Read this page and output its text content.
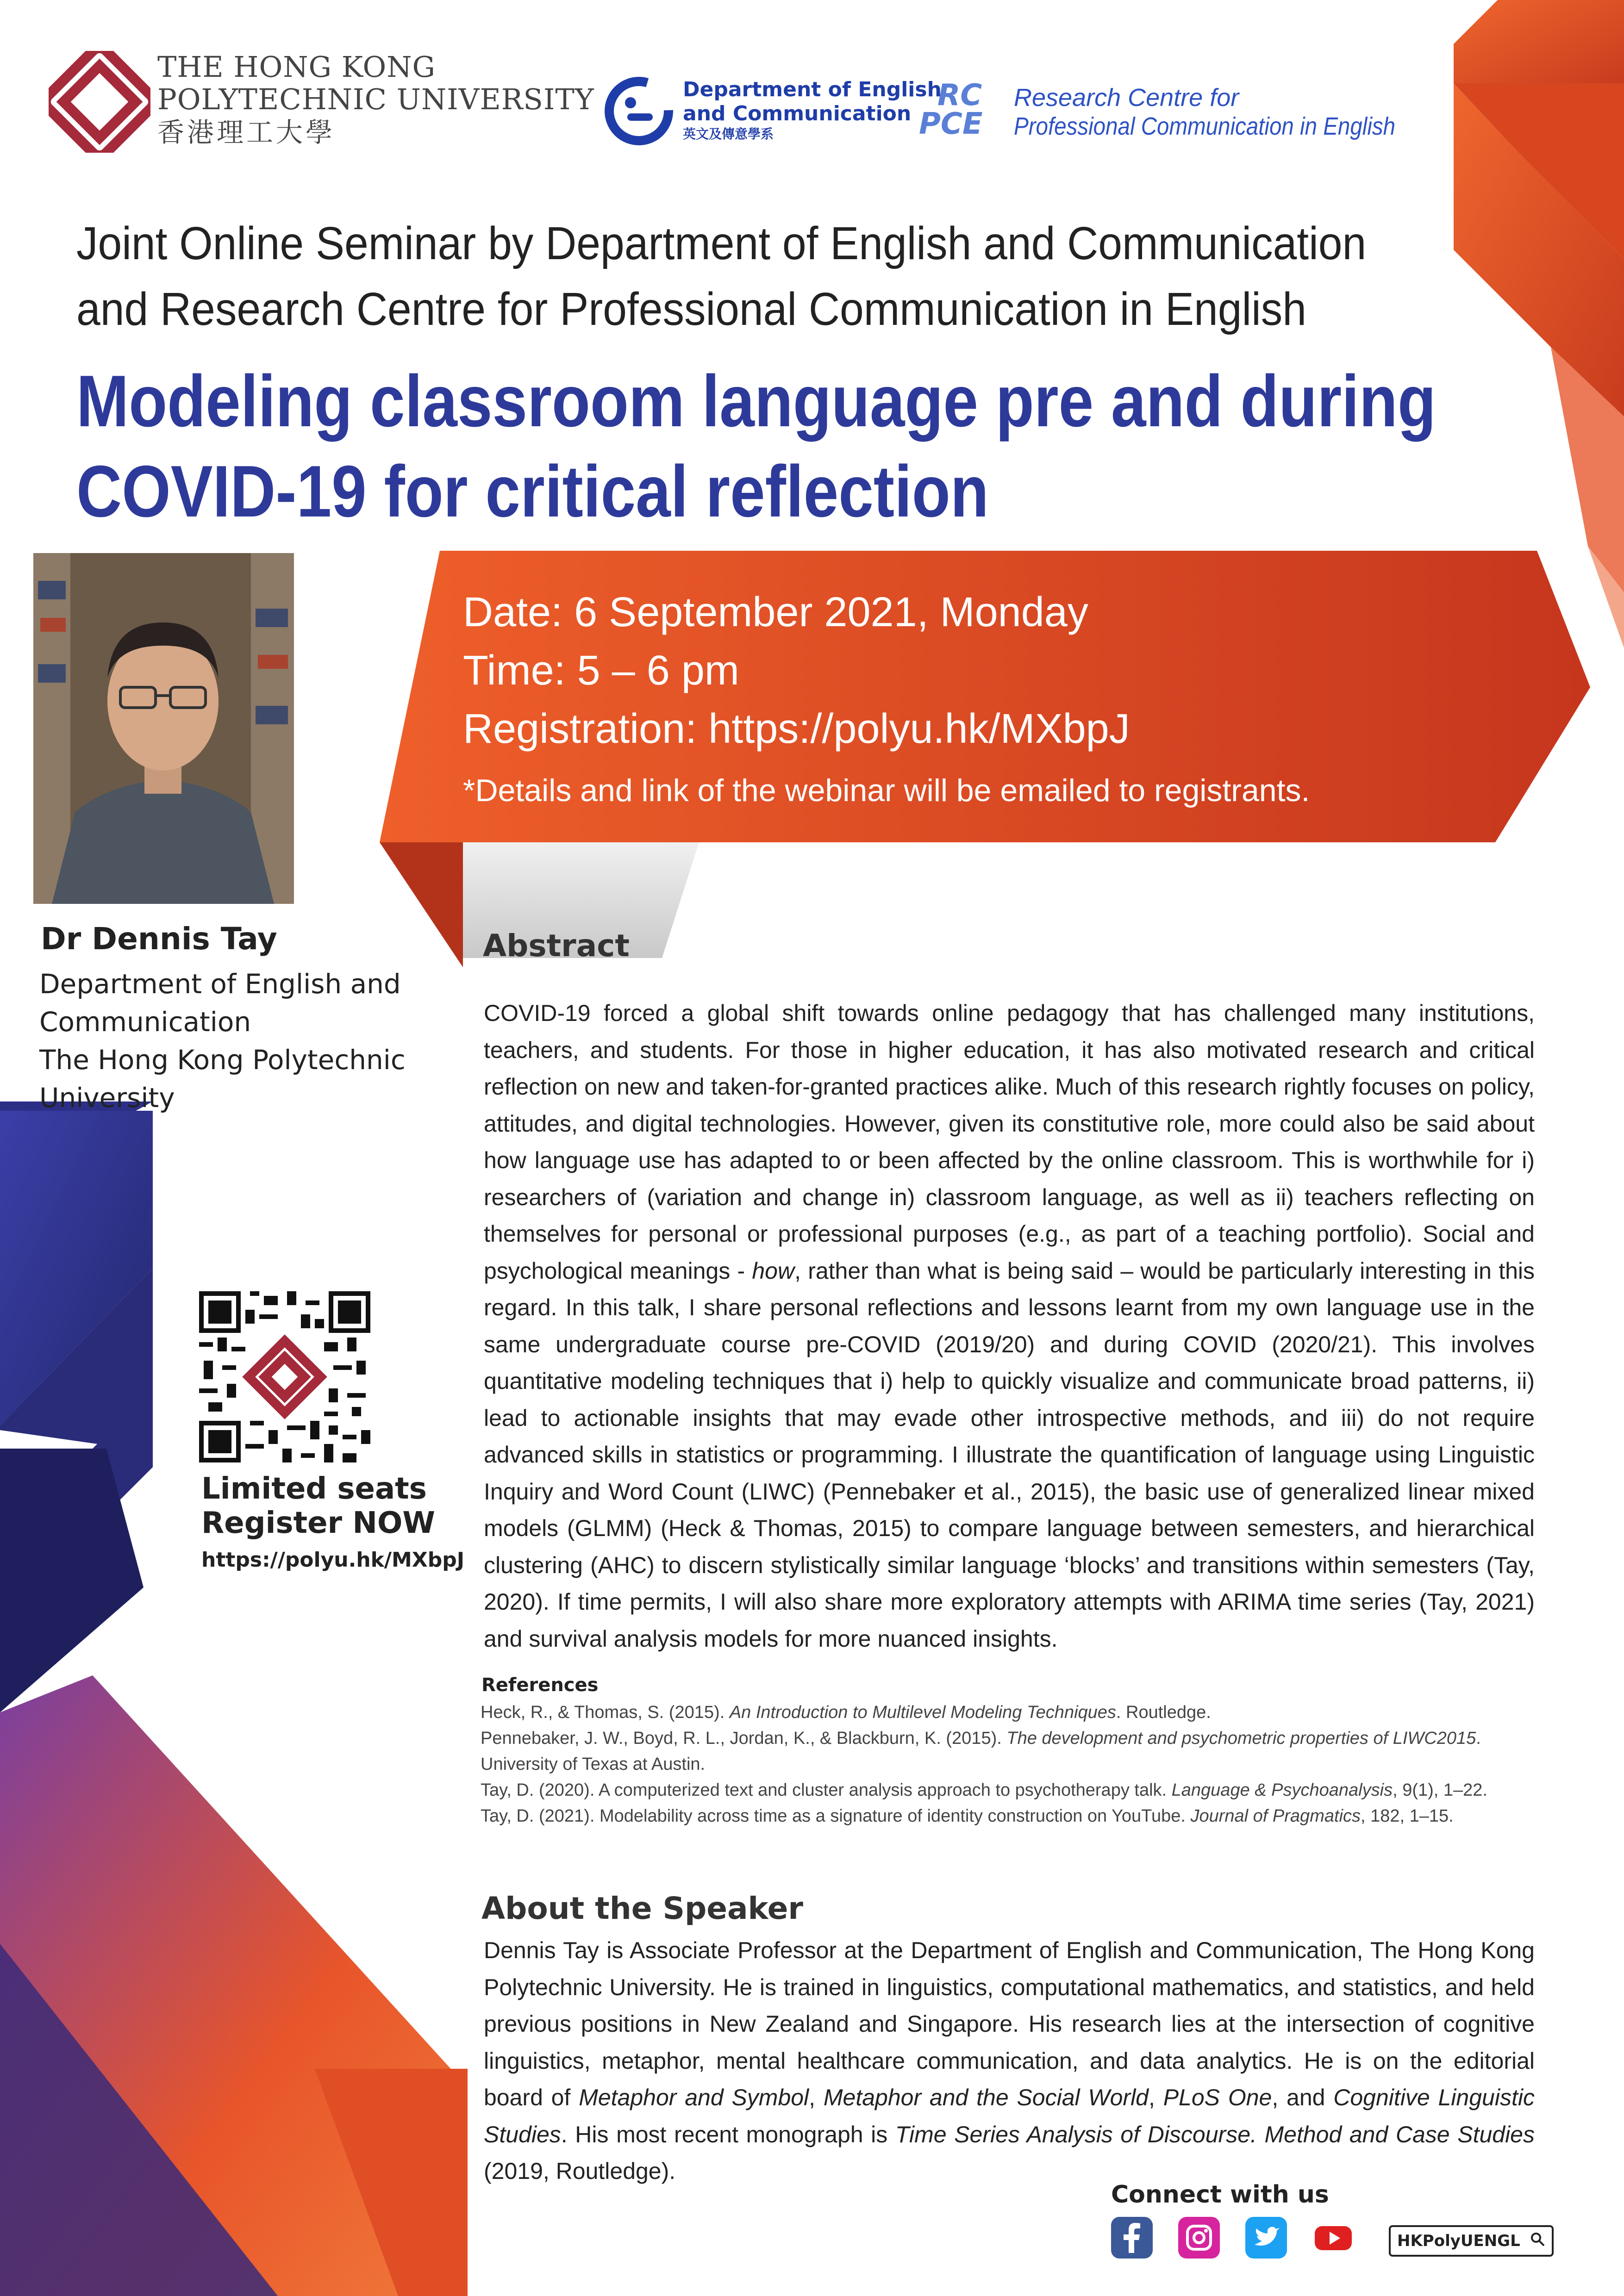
THE HONG KONG
POLYTECHNIC UNIVERSITY
香港理工大學
Department of English
and Communication
英文及傳意學系
RC
PCE
Research Centre for
Professional Communication in English
Joint Online Seminar by Department of English and Communication
and Research Centre for Professional Communication in English
Modeling classroom language pre and during
COVID-19 for critical reflection
Date: 6 September 2021, Monday
Time: 5 – 6 pm
Registration: https://polyu.hk/MXbpJ
*Details and link of the webinar will be emailed to registrants.
Dr Dennis Tay
Department of English and
Communication
The Hong Kong Polytechnic
University
Limited seats
Register NOW
https://polyu.hk/MXbpJ
Abstract
COVID-19 forced a global shift towards online pedagogy that has challenged many institutions, teachers, and students. For those in higher education, it has also motivated research and critical reflection on new and taken-for-granted practices alike. Much of this research rightly focuses on policy, attitudes, and digital technologies. However, given its constitutive role, more could also be said about how language use has adapted to or been affected by the online classroom. This is worthwhile for i) researchers of (variation and change in) classroom language, as well as ii) teachers reflecting on themselves for personal or professional purposes (e.g., as part of a teaching portfolio). Social and psychological meanings - how, rather than what is being said – would be particularly interesting in this regard. In this talk, I share personal reflections and lessons learnt from my own language use in the same undergraduate course pre-COVID (2019/20) and during COVID (2020/21). This involves quantitative modeling techniques that i) help to quickly visualize and communicate broad patterns, ii) lead to actionable insights that may evade other introspective methods, and iii) do not require advanced skills in statistics or programming. I illustrate the quantification of language using Linguistic Inquiry and Word Count (LIWC) (Pennebaker et al., 2015), the basic use of generalized linear mixed models (GLMM) (Heck & Thomas, 2015) to compare language between semesters, and hierarchical clustering (AHC) to discern stylistically similar language ‘blocks’ and transitions within semesters (Tay, 2020). If time permits, I will also share more exploratory attempts with ARIMA time series (Tay, 2021) and survival analysis models for more nuanced insights.
References

Heck, R., & Thomas, S. (2015). An Introduction to Multilevel Modeling Techniques. Routledge.

Pennebaker, J. W., Boyd, R. L., Jordan, K., & Blackburn, K. (2015). The development and psychometric properties of LIWC2015. University of Texas at Austin.

Tay, D. (2020). A computerized text and cluster analysis approach to psychotherapy talk. Language & Psychoanalysis, 9(1), 1–22.

Tay, D. (2021). Modelability across time as a signature of identity construction on YouTube. Journal of Pragmatics, 182, 1–15.

About the Speaker
Dennis Tay is Associate Professor at the Department of English and Communication, The Hong Kong Polytechnic University. He is trained in linguistics, computational mathematics, and statistics, and held previous positions in New Zealand and Singapore. His research lies at the intersection of cognitive linguistics, metaphor, mental healthcare communication, and data analytics. He is on the editorial board of Metaphor and Symbol, Metaphor and the Social World, PLoS One, and Cognitive Linguistic Studies. His most recent monograph is Time Series Analysis of Discourse. Method and Case Studies (2019, Routledge).
Connect with us
HKPolyUENGL
